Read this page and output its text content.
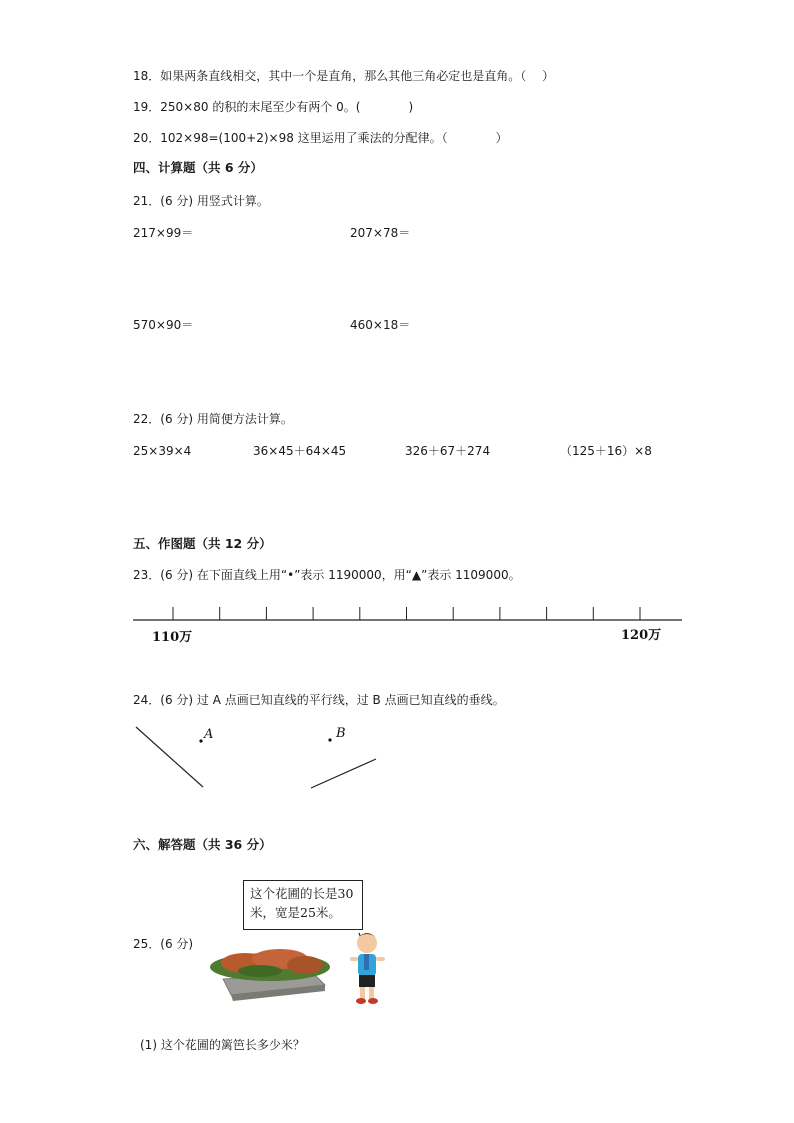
18．如果两条直线相交，其中一个是直角，那么其他三角必定也是直角。（　 ）
19．250×80 的积的末尾至少有两个 0。(　　　　)
20．102×98=(100+2)×98 这里运用了乘法的分配律。（　　　　）
四、计算题（共 6 分）
21．(6 分) 用竖式计算。
217×99＝	207×78＝
570×90＝	460×18＝
22．(6 分) 用简便方法计算。
25×39×4	36×45＋64×45	326＋67＋274	（125＋16）×8
五、作图题（共 12 分）
23．(6 分) 在下面直线上用“•”表示 1190000，用“▲”表示 1109000。
110万	120万
A	B
24．(6 分) 过 A 点画已知直线的平行线，过 B 点画已知直线的垂线。
六、解答题（共 36 分）
这个花圃的长是30
米，宽是25米。
25．(6 分)
(1) 这个花圃的篱笆长多少米？
